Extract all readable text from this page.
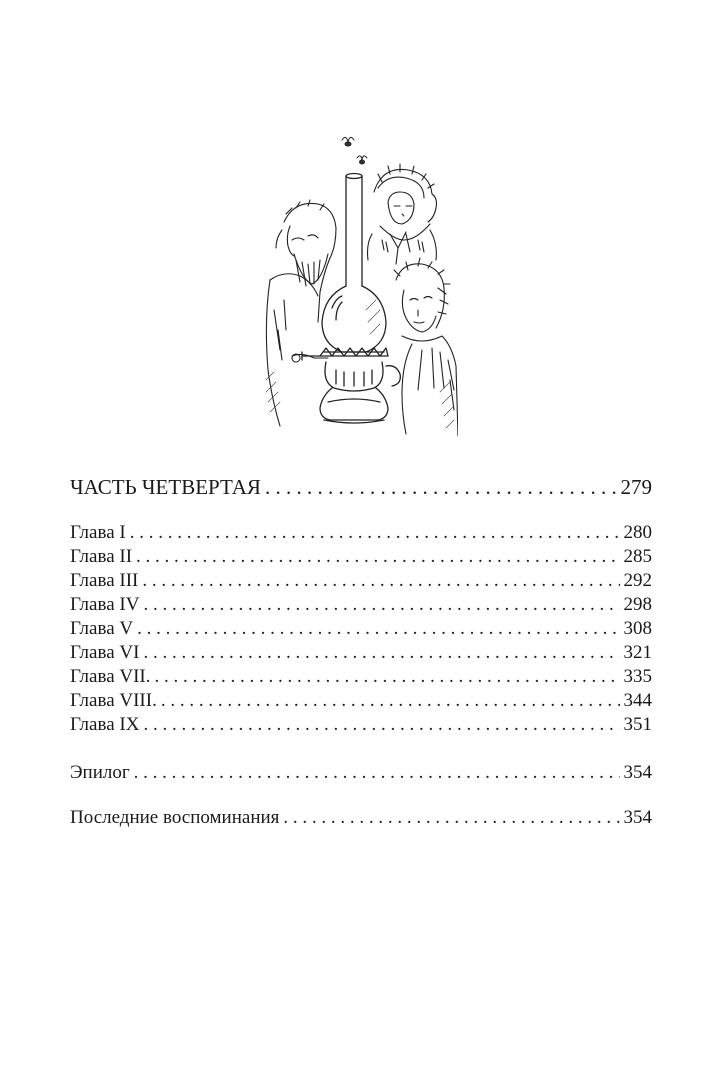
ЧАСТЬ ЧЕТВЕРТАЯ . . .	279
Глава I . . .	280
Глава II . . .	285
Глава III . . .	292
Глава IV . . .	298
Глава V . . .	308
Глава VI . . .	321
Глава VII. . . .	335
Глава VIII. . . .	344
Глава IX . . .	351
Эпилог . . .	354
Последние воспоминания . . .	354
